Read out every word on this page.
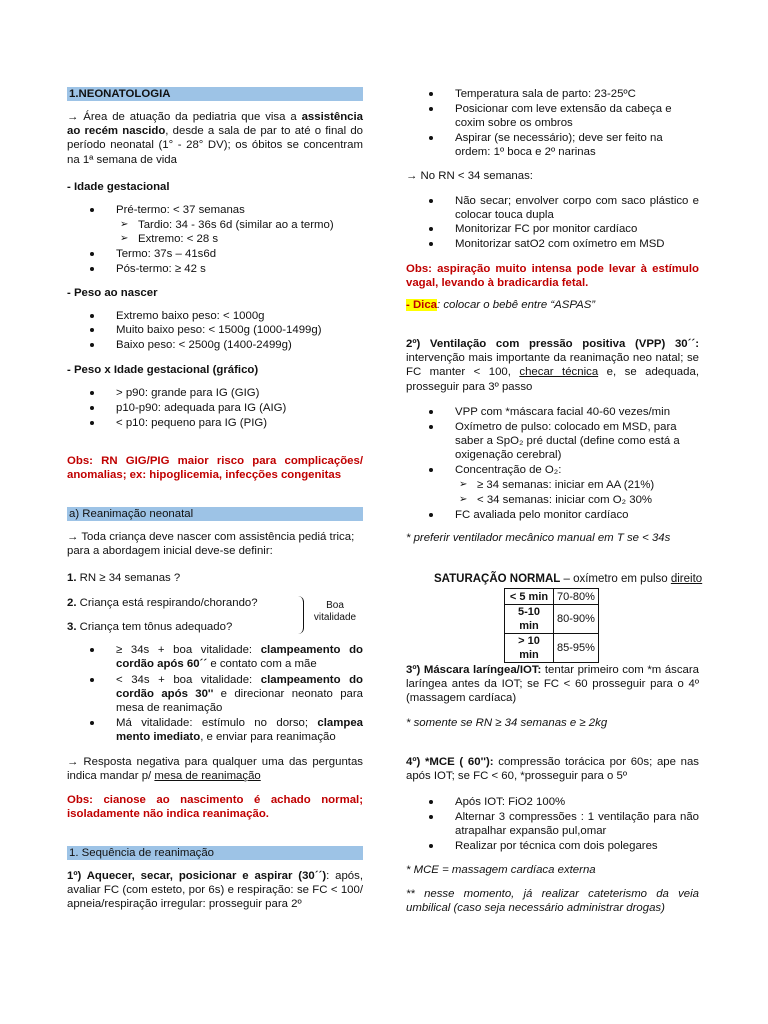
1.NEONATOLOGIA
→ Área de atuação da pediatria que visa a assistência ao recém nascido, desde a sala de par to até o final do período neonatal (1° - 28° DV); os óbitos se concentram na 1ª semana de vida
- Idade gestacional
Pré-termo: < 37 semanas
➢ Tardio: 34 - 36s 6d (similar ao a termo)
➢ Extremo: < 28 s
Termo: 37s – 41s6d
Pós-termo: ≥ 42 s
- Peso ao nascer
Extremo baixo peso: < 1000g
Muito baixo peso: < 1500g (1000-1499g)
Baixo peso: < 2500g (1400-2499g)
- Peso x Idade gestacional (gráfico)
> p90: grande para IG (GIG)
p10-p90: adequada para IG (AIG)
< p10: pequeno para IG (PIG)
Obs: RN GIG/PIG maior risco para complicações/ anomalias; ex: hipoglicemia, infecções congenitas
a) Reanimação neonatal
→ Toda criança deve nascer com assistência pediá trica; para a abordagem inicial deve-se definir:
1. RN ≥ 34 semanas ?
2. Criança está respirando/chorando?
3. Criança tem tônus adequado?
Boa
vitalidade
≥ 34s + boa vitalidade: clampeamento do cordão após 60´´ e contato com a mãe
< 34s + boa vitalidade: clampeamento do cordão após 30'' e direcionar neonato para mesa de reanimação
Má vitalidade: estímulo no dorso; clampea mento imediato, e enviar para reanimação
→ Resposta negativa para qualquer uma das perguntas indica mandar p/ mesa de reanimação
Obs: cianose ao nascimento é achado normal; isoladamente não indica reanimação.
1. Sequência de reanimação
1º) Aquecer, secar, posicionar e aspirar (30´´): após, avaliar FC (com esteto, por 6s) e respiração: se FC < 100/ apneia/respiração irregular: prosseguir para 2º
Temperatura sala de parto: 23-25ºC
Posicionar com leve extensão da cabeça e coxim sobre os ombros
Aspirar (se necessário); deve ser feito na ordem: 1º boca e 2º narinas
→ No RN < 34 semanas:
Não secar; envolver corpo com saco plástico e colocar touca dupla
Monitorizar FC por monitor cardíaco
Monitorizar satO2 com oxímetro em MSD
Obs: aspiração muito intensa pode levar à estímulo vagal, levando à bradicardia fetal.
- Dica: colocar o bebê entre “ASPAS”
2º) Ventilação com pressão positiva (VPP) 30´´: intervenção mais importante da reanimação neo natal; se FC manter < 100, checar técnica e, se adequada, prosseguir para 3º passo
VPP com *máscara facial 40-60 vezes/min
Oxímetro de pulso: colocado em MSD, para saber a SpO₂ pré ductal (define como está a oxigenação cerebral)
Concentração de O₂:
➢ ≥ 34 semanas: iniciar em AA (21%)
➢ < 34 semanas: iniciar com O₂ 30%
FC avaliada pelo monitor cardíaco
* preferir ventilador mecânico manual em T se < 34s
SATURAÇÃO NORMAL – oxímetro em pulso direito
< 5 min	70-80%
5-10 min	80-90%
> 10 min	85-95%
3º) Máscara laríngea/IOT: tentar primeiro com *m áscara laríngea antes da IOT; se FC < 60 prosseguir para o 4º (massagem cardíaca)
* somente se RN ≥ 34 semanas e ≥ 2kg
4º) *MCE ( 60''): compressão torácica por 60s; ape nas após IOT; se FC < 60, *prosseguir para o 5º
Após IOT: FiO2 100%
Alternar 3 compressões : 1 ventilação para não atrapalhar expansão pul,omar
Realizar por técnica com dois polegares
* MCE = massagem cardíaca externa
** nesse momento, já realizar cateterismo da veia umbilical (caso seja necessário administrar drogas)
